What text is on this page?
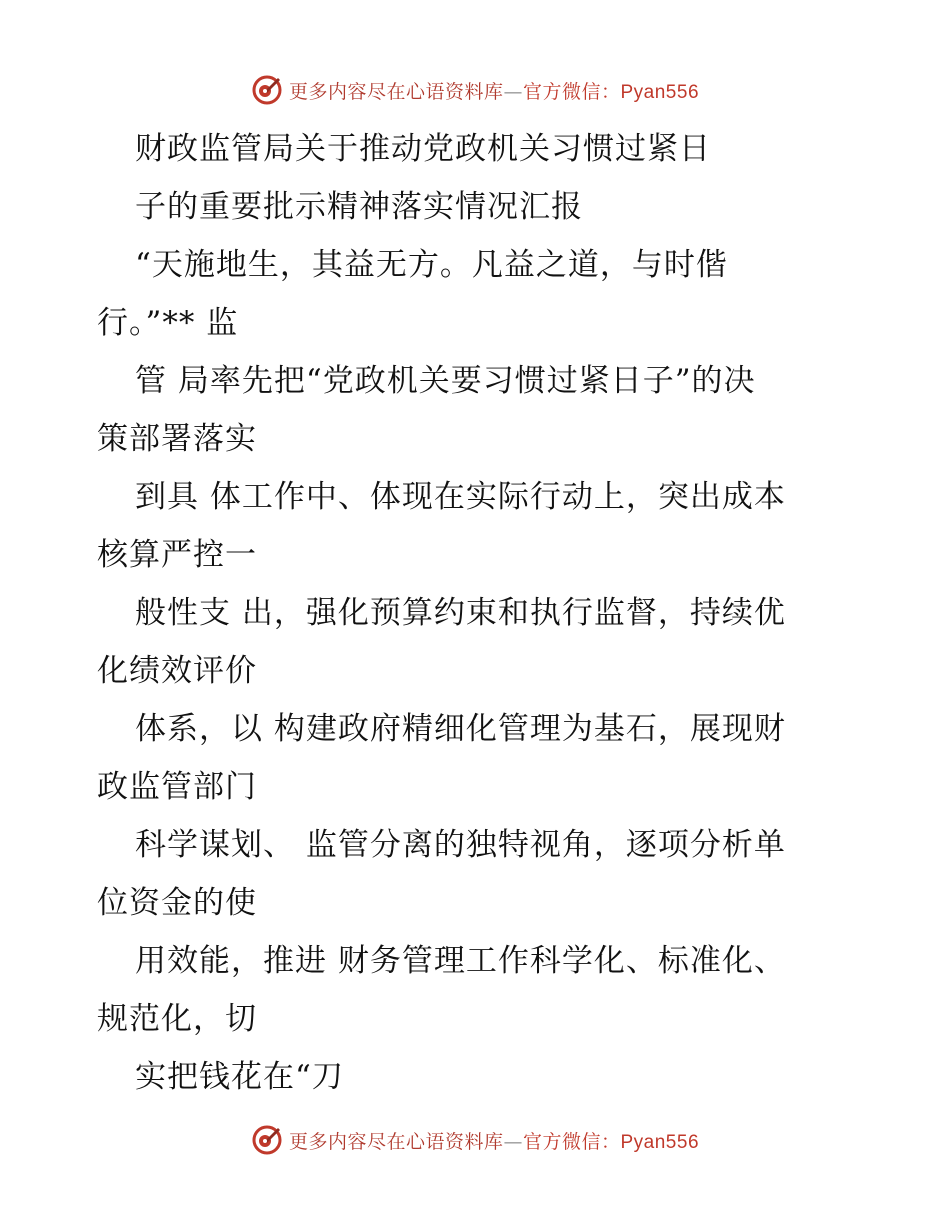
更多内容尽在心语资料库—官方微信：Pyan556
财政监管局关于推动党政机关习惯过紧日
子的重要批示精神落实情况汇报
“天施地生，其益无方。凡益之道，与时偕
行。”** 监
管 局率先把“党政机关要习惯过紧日子”的决
策部署落实
到具 体工作中、体现在实际行动上，突出成本
核算严控一
般性支 出，强化预算约束和执行监督，持续优
化绩效评价
体系，以 构建政府精细化管理为基石，展现财
政监管部门
科学谋划、 监管分离的独特视角，逐项分析单
位资金的使
用效能，推进 财务管理工作科学化、标准化、
规范化，切
实把钱花在“刀
更多内容尽在心语资料库—官方微信：Pyan556
